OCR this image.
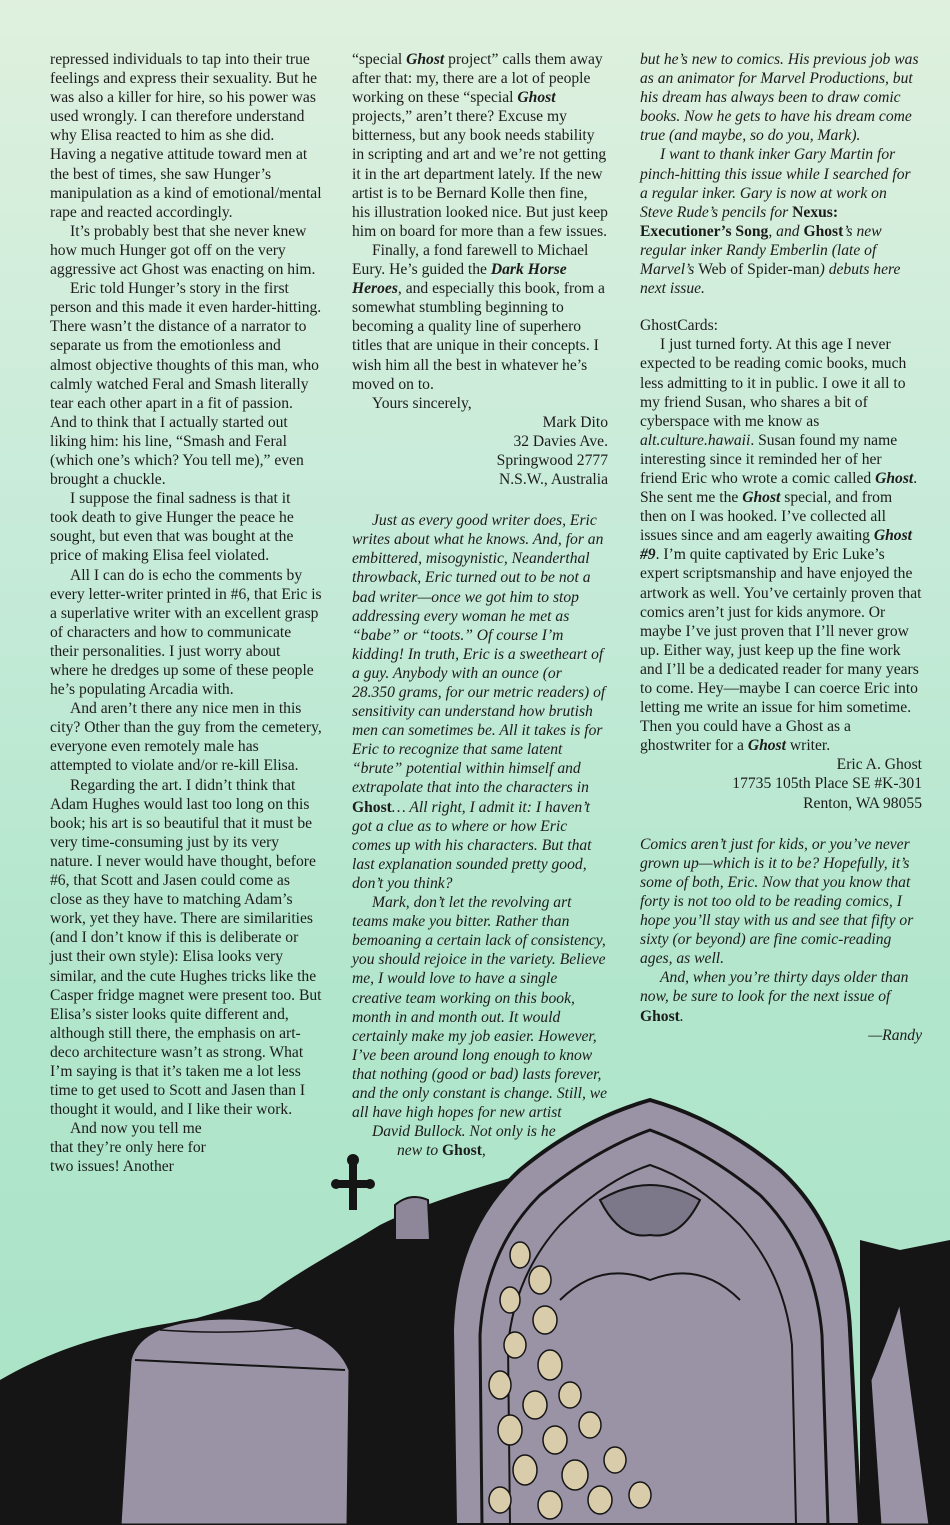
repressed individuals to tap into their true feelings and express their sexuality. But he was also a killer for hire, so his power was used wrongly. I can therefore understand why Elisa reacted to him as she did. Having a negative attitude toward men at the best of times, she saw Hunger’s manipulation as a kind of emotional/mental rape and reacted accordingly.

It’s probably best that she never knew how much Hunger got off on the very aggressive act Ghost was enacting on him.

Eric told Hunger’s story in the first person and this made it even harder-hitting. There wasn’t the distance of a narrator to separate us from the emotionless and almost objective thoughts of this man, who calmly watched Feral and Smash literally tear each other apart in a fit of passion. And to think that I actually started out liking him: his line, “Smash and Feral (which one’s which? You tell me),” even brought a chuckle.

I suppose the final sadness is that it took death to give Hunger the peace he sought, but even that was bought at the price of making Elisa feel violated.

All I can do is echo the comments by every letter-writer printed in #6, that Eric is a superlative writer with an excellent grasp of characters and how to communicate their personalities. I just worry about where he dredges up some of these people he’s populating Arcadia with.

And aren’t there any nice men in this city? Other than the guy from the cemetery, everyone even remotely male has attempted to violate and/or re-kill Elisa.

Regarding the art. I didn’t think that Adam Hughes would last too long on this book; his art is so beautiful that it must be very time-consuming just by its very nature. I never would have thought, before #6, that Scott and Jasen could come as close as they have to matching Adam’s work, yet they have. There are similarities (and I don’t know if this is deliberate or just their own style): Elisa looks very similar, and the cute Hughes tricks like the Casper fridge magnet were present too. But Elisa’s sister looks quite different and, although still there, the emphasis on art-deco architecture wasn’t as strong. What I’m saying is that it’s taken me a lot less time to get used to Scott and Jasen than I thought it would, and I like their work.

And now you tell me that they’re only here for two issues! Another

“special Ghost project” calls them away after that: my, there are a lot of people working on these “special Ghost projects,” aren’t there? Excuse my bitterness, but any book needs stability in scripting and art and we’re not getting it in the art department lately. If the new artist is to be Bernard Kolle then fine, his illustration looked nice. But just keep him on board for more than a few issues.

Finally, a fond farewell to Michael Eury. He’s guided the Dark Horse Heroes, and especially this book, from a somewhat stumbling beginning to becoming a quality line of superhero titles that are unique in their concepts. I wish him all the best in whatever he’s moved on to.

Yours sincerely,

Mark Dito

32 Davies Ave.

Springwood 2777

N.S.W., Australia

Just as every good writer does, Eric writes about what he knows. And, for an embittered, misogynistic, Neanderthal throwback, Eric turned out to be not a bad writer—once we got him to stop addressing every woman he met as “babe” or “toots.” Of course I’m kidding! In truth, Eric is a sweetheart of a guy. Anybody with an ounce (or 28.350 grams, for our metric readers) of sensitivity can understand how brutish men can sometimes be. All it takes is for Eric to recognize that same latent “brute” potential within himself and extrapolate that into the characters in Ghost… All right, I admit it: I haven’t got a clue as to where or how Eric comes up with his characters. But that last explanation sounded pretty good, don’t you think?

Mark, don’t let the revolving art teams make you bitter. Rather than bemoaning a certain lack of consistency, you should rejoice in the variety. Believe me, I would love to have a single creative team working on this book, month in and month out. It would certainly make my job easier. However, I’ve been around long enough to know that nothing (good or bad) lasts forever, and the only constant is change. Still, we all have high hopes for new artist

David Bullock. Not only is he

new to Ghost,

but he’s new to comics. His previous job was as an animator for Marvel Productions, but his dream has always been to draw comic books. Now he gets to have his dream come true (and maybe, so do you, Mark).

I want to thank inker Gary Martin for pinch-hitting this issue while I searched for a regular inker. Gary is now at work on Steve Rude’s pencils for Nexus: Executioner’s Song, and Ghost’s new regular inker Randy Emberlin (late of Marvel’s Web of Spider-man) debuts here next issue.

GhostCards:

I just turned forty. At this age I never expected to be reading comic books, much less admitting to it in public. I owe it all to my friend Susan, who shares a bit of cyberspace with me know as alt.culture.hawaii. Susan found my name interesting since it reminded her of her friend Eric who wrote a comic called Ghost. She sent me the Ghost special, and from then on I was hooked. I’ve collected all issues since and am eagerly awaiting Ghost #9. I’m quite captivated by Eric Luke’s expert scriptsmanship and have enjoyed the artwork as well. You’ve certainly proven that comics aren’t just for kids anymore. Or maybe I’ve just proven that I’ll never grow up. Either way, just keep up the fine work and I’ll be a dedicated reader for many years to come. Hey—maybe I can coerce Eric into letting me write an issue for him sometime. Then you could have a Ghost as a ghostwriter for a Ghost writer.

Eric A. Ghost

17735 105th Place SE #K-301

Renton, WA 98055

Comics aren’t just for kids, or you’ve never grown up—which is it to be? Hopefully, it’s some of both, Eric. Now that you know that forty is not too old to be reading comics, I hope you’ll stay with us and see that fifty or sixty (or beyond) are fine comic-reading ages, as well.

And, when you’re thirty days older than now, be sure to look for the next issue of Ghost.

—Randy
